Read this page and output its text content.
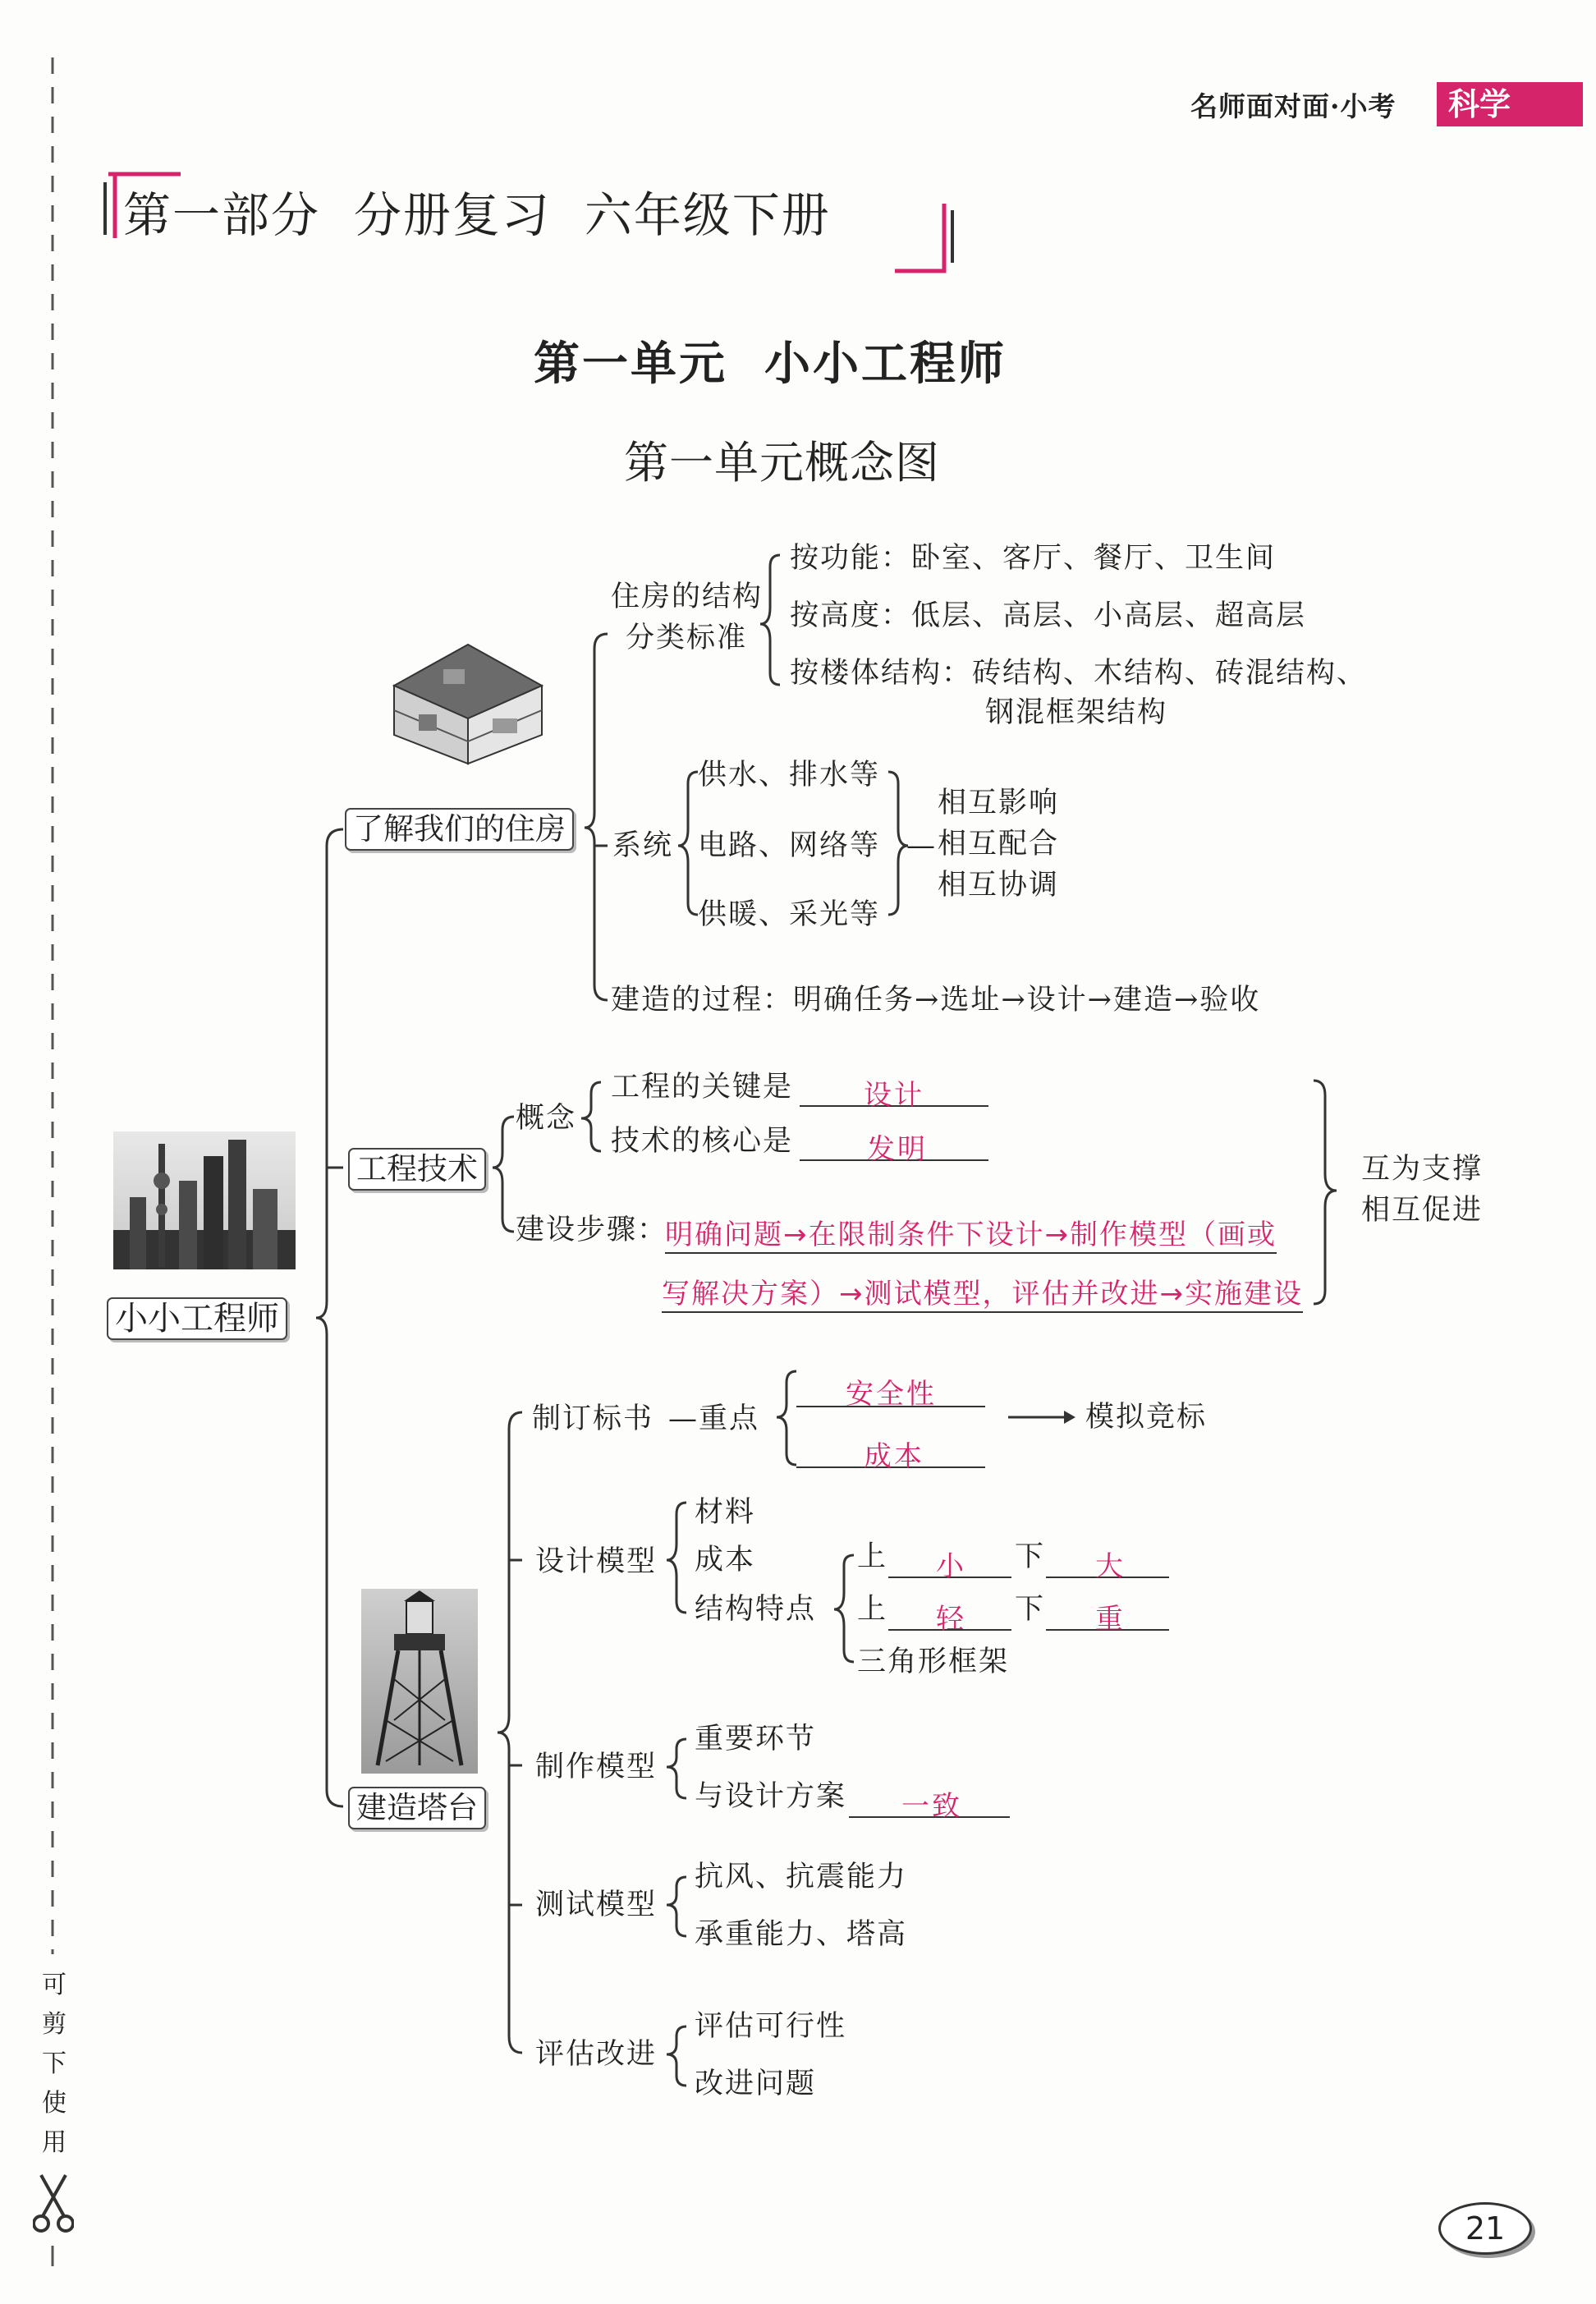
名师面对面·小考	科学
第一部分  分册复习  六年级下册
第一单元  小小工程师
第一单元概念图
小小工程师
了解我们的住房
住房的结构
分类标准
按功能：卧室、客厅、餐厅、卫生间
按高度：低层、高层、小高层、超高层
按楼体结构：砖结构、木结构、砖混结构、
钢混框架结构
系统
供水、排水等
电路、网络等
供暖、采光等
—
相互影响
相互配合
相互协调
建造的过程：明确任务→选址→设计→建造→验收
工程技术
概念
工程的关键是	设计
技术的核心是	发明
建设步骤：
明确问题→在限制条件下设计→制作模型（画或
写解决方案）→测试模型，评估并改进→实施建设
互为支撑
相互促进
建造塔台
制订标书 —重点
安全性
成本
模拟竞标
设计模型
材料
成本
结构特点
上 小 下 大
上 轻 下 重
三角形框架
制作模型
重要环节
与设计方案 一致
测试模型
抗风、抗震能力
承重能力、塔高
评估改进
评估可行性
改进问题
可
剪
下
使
用
21
